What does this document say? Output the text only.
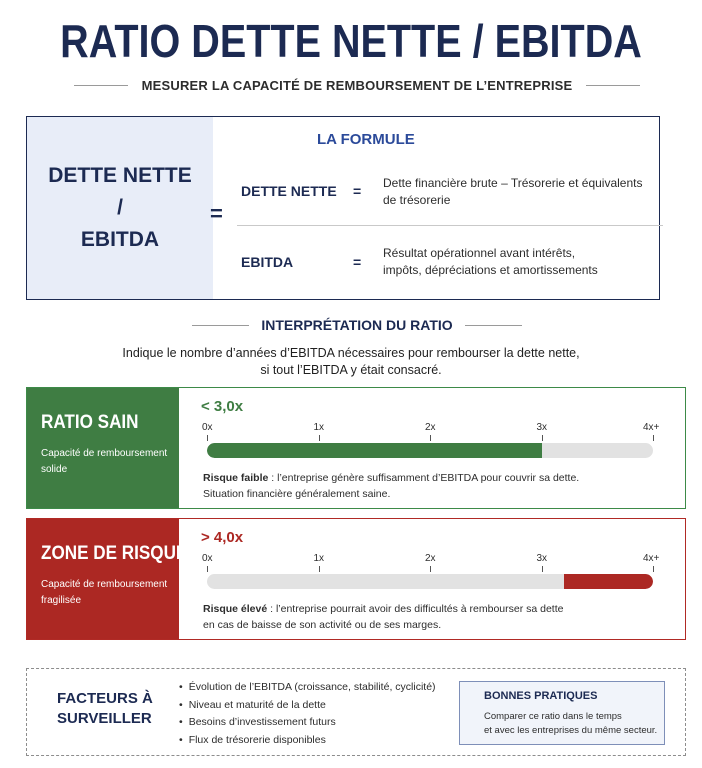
RATIO DETTE NETTE / EBITDA
MESURER LA CAPACITÉ DE REMBOURSEMENT DE L’ENTREPRISE
DETTE NETTE
/
EBITDA
=
LA FORMULE
DETTE NETTE = Dette financière brute – Trésorerie et équivalents
de trésorerie
EBITDA	=
Résultat opérationnel avant intérêts,
impôts, dépréciations et amortissements
INTERPRÉTATION DU RATIO
Indique le nombre d’années d’EBITDA nécessaires pour rembourser la dette nette,
si tout l’EBITDA y était consacré.
RATIO SAIN
Capacité de remboursement
solide
< 3,0x
0x	1x	2x	3x	4x+
Risque faible : l’entreprise génère suffisamment d’EBITDA pour couvrir sa dette.
Situation financière généralement saine.
ZONE DE RISQUE
Capacité de remboursement
fragilisée
> 4,0x
0x	1x	2x	3x	4x+
Risque élevé : l’entreprise pourrait avoir des difficultés à rembourser sa dette
en cas de baisse de son activité ou de ses marges.
FACTEURS À
SURVEILLER
• Évolution de l’EBITDA (croissance, stabilité, cyclicité)
• Niveau et maturité de la dette
• Besoins d’investissement futurs
• Flux de trésorerie disponibles
BONNES PRATIQUES
Comparer ce ratio dans le temps
et avec les entreprises du même secteur.
